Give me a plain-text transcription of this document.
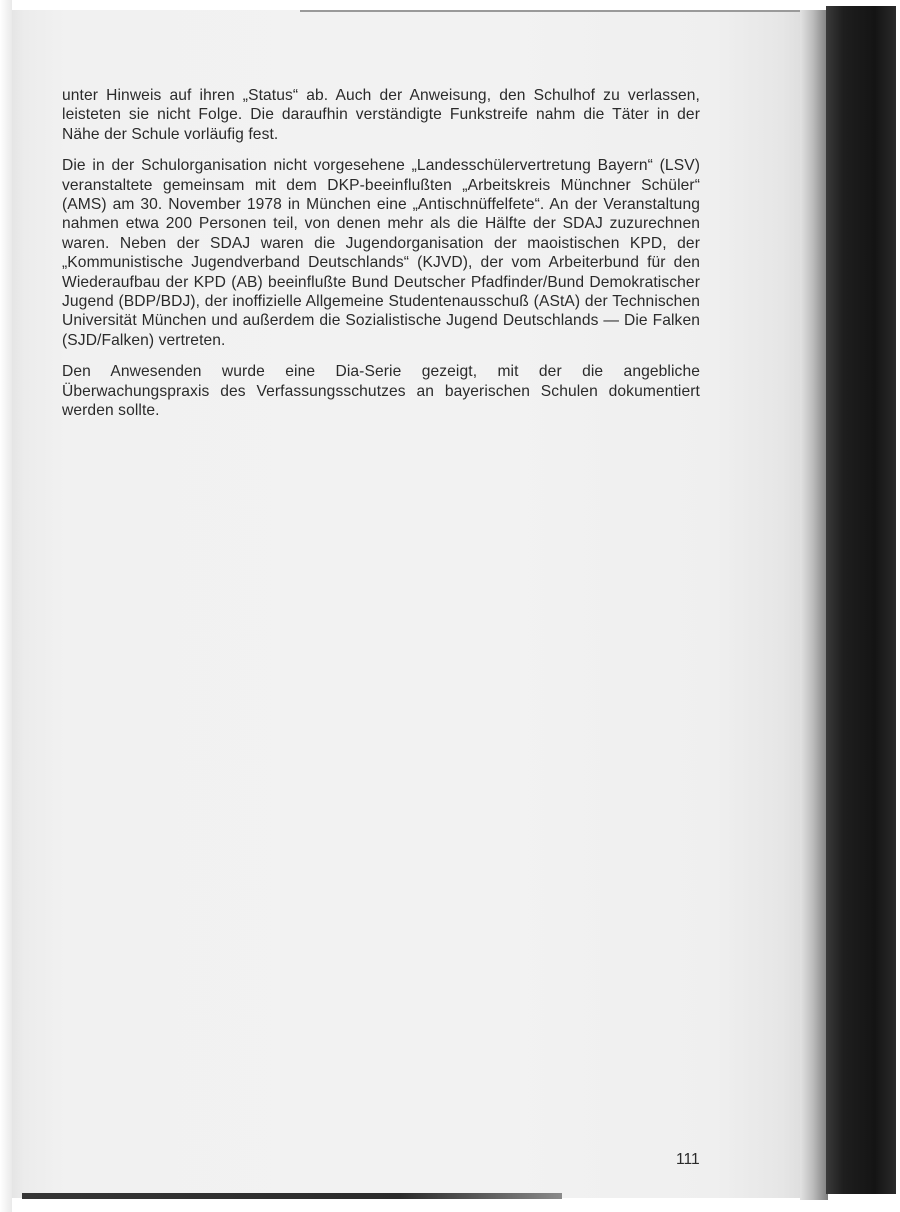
unter Hinweis auf ihren „Status“ ab. Auch der Anweisung, den Schulhof zu verlassen, leisteten sie nicht Folge. Die daraufhin verständigte Funkstreife nahm die Täter in der Nähe der Schule vorläufig fest.

Die in der Schulorganisation nicht vorgesehene „Landesschülervertretung Bayern“ (LSV) veranstaltete gemeinsam mit dem DKP-beeinflußten „Arbeitskreis Münchner Schüler“ (AMS) am 30. November 1978 in München eine „Antischnüffelfete“. An der Veranstaltung nahmen etwa 200 Personen teil, von denen mehr als die Hälfte der SDAJ zuzurechnen waren. Neben der SDAJ waren die Jugendorganisation der maoistischen KPD, der „Kommunistische Jugendverband Deutschlands“ (KJVD), der vom Arbeiterbund für den Wiederaufbau der KPD (AB) beeinflußte Bund Deutscher Pfadfinder/Bund Demokratischer Jugend (BDP/BDJ), der inoffizielle Allgemeine Studentenausschuß (AStA) der Technischen Universität München und außerdem die Sozialistische Jugend Deutschlands — Die Falken (SJD/Falken) vertreten.

Den Anwesenden wurde eine Dia-Serie gezeigt, mit der die angebliche Überwachungspraxis des Verfassungsschutzes an bayerischen Schulen dokumentiert werden sollte.

111
